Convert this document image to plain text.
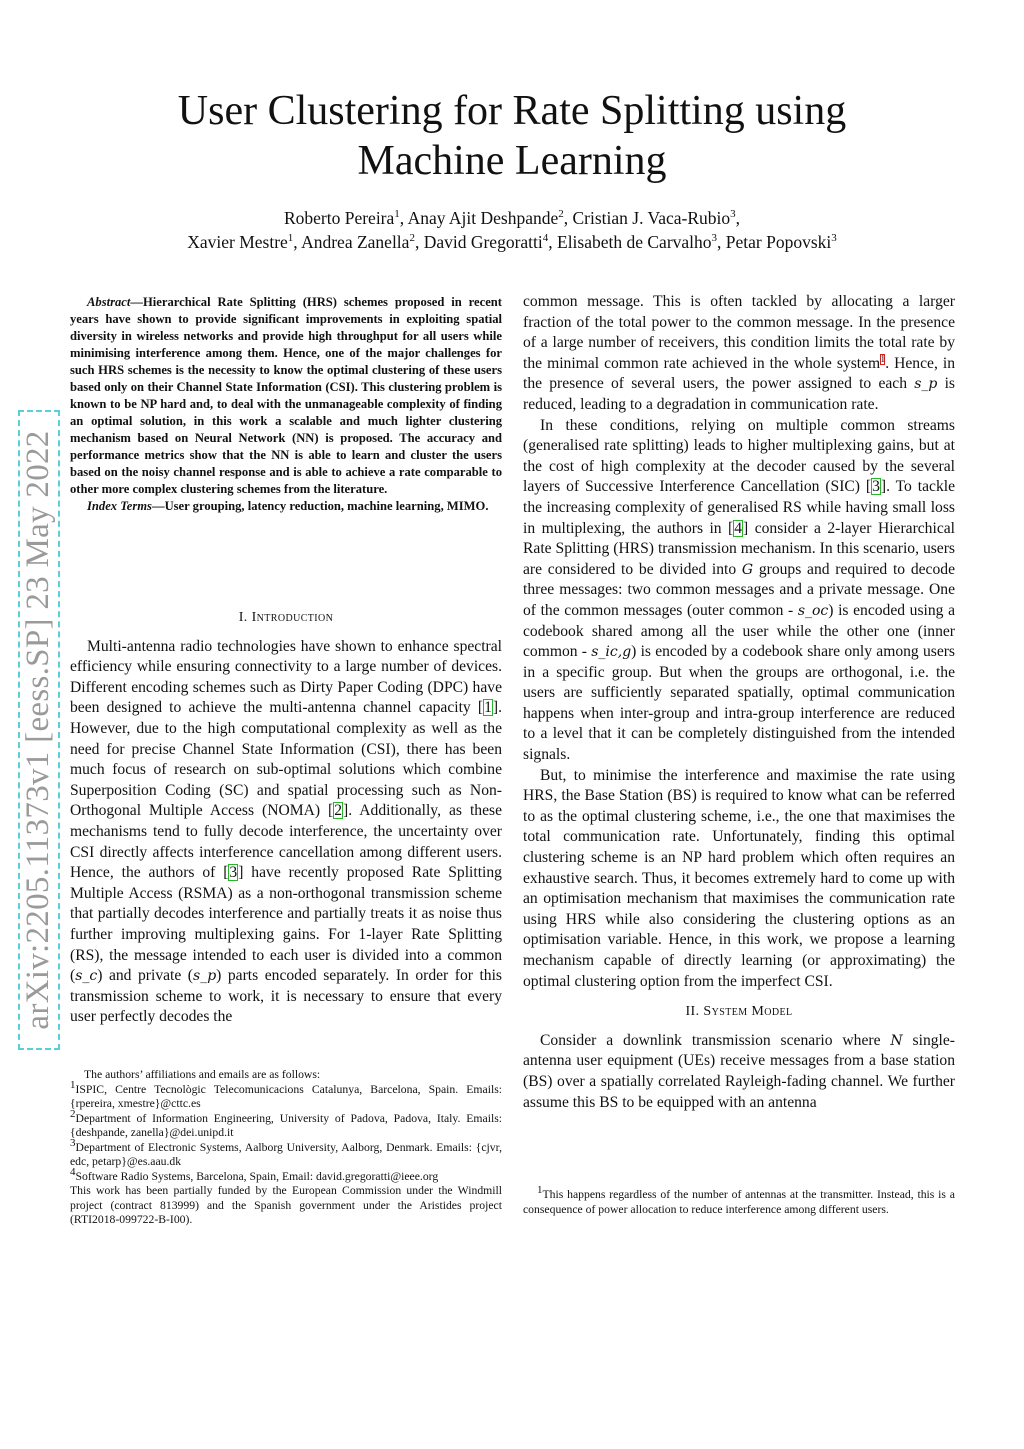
User Clustering for Rate Splitting using Machine Learning
Roberto Pereira$^1$, Anay Ajit Deshpande$^2$, Cristian J. Vaca-Rubio$^3$,
Xavier Mestre$^1$, Andrea Zanella$^2$, David Gregoratti$^4$, Elisabeth de Carvalho$^3$, Petar Popovski$^3$
arXiv:2205.11373v1 [eess.SP] 23 May 2022

Abstract—Hierarchical Rate Splitting (HRS) schemes proposed in recent years have shown to provide significant improvements in exploiting spatial diversity in wireless networks and provide high throughput for all users while minimising interference among them. Hence, one of the major challenges for such HRS schemes is the necessity to know the optimal clustering of these users based only on their Channel State Information (CSI). This clustering problem is known to be NP hard and, to deal with the unmanageable complexity of finding an optimal solution, in this work a scalable and much lighter clustering mechanism based on Neural Network (NN) is proposed. The accuracy and performance metrics show that the NN is able to learn and cluster the users based on the noisy channel response and is able to achieve a rate comparable to other more complex clustering schemes from the literature.

Index Terms—User grouping, latency reduction, machine learning, MIMO.

I. Introduction

Multi-antenna radio technologies have shown to enhance spectral efficiency while ensuring connectivity to a large number of devices. Different encoding schemes such as Dirty Paper Coding (DPC) have been designed to achieve the multi-antenna channel capacity [1]. However, due to the high computational complexity as well as the need for precise Channel State Information (CSI), there has been much focus of research on sub-optimal solutions which combine Superposition Coding (SC) and spatial processing such as Non-Orthogonal Multiple Access (NOMA) [2]. Additionally, as these mechanisms tend to fully decode interference, the uncertainty over CSI directly affects interference cancellation among different users. Hence, the authors of [3] have recently proposed Rate Splitting Multiple Access (RSMA) as a non-orthogonal transmission scheme that partially decodes interference and partially treats it as noise thus further improving multiplexing gains. For 1-layer Rate Splitting (RS), the message intended to each user is divided into a common (s_c) and private (s_p) parts encoded separately. In order for this transmission scheme to work, it is necessary to ensure that every user perfectly decodes the

The authors’ affiliations and emails are as follows:

$^1$ISPIC, Centre Tecnològic Telecomunicacions Catalunya, Barcelona, Spain. Emails: {rpereira, xmestre}@cttc.es

$^2$Department of Information Engineering, University of Padova, Padova, Italy. Emails: {deshpande, zanella}@dei.unipd.it

$^3$Department of Electronic Systems, Aalborg University, Aalborg, Denmark. Emails: {cjvr, edc, petarp}@es.aau.dk

$^4$Software Radio Systems, Barcelona, Spain, Email: david.gregoratti@ieee.org

This work has been partially funded by the European Commission under the Windmill project (contract 813999) and the Spanish government under the Aristides project (RTI2018-099722-B-I00).

common message. This is often tackled by allocating a larger fraction of the total power to the common message. In the presence of a large number of receivers, this condition limits the total rate by the minimal common rate achieved in the whole system$^1$. Hence, in the presence of several users, the power assigned to each s_p is reduced, leading to a degradation in communication rate.

In these conditions, relying on multiple common streams (generalised rate splitting) leads to higher multiplexing gains, but at the cost of high complexity at the decoder caused by the several layers of Successive Interference Cancellation (SIC) [3]. To tackle the increasing complexity of generalised RS while having small loss in multiplexing, the authors in [4] consider a 2-layer Hierarchical Rate Splitting (HRS) transmission mechanism. In this scenario, users are considered to be divided into G groups and required to decode three messages: two common messages and a private message. One of the common messages (outer common - s_oc) is encoded using a codebook shared among all the user while the other one (inner common - s_ic,g) is encoded by a codebook share only among users in a specific group. But when the groups are orthogonal, i.e. the users are sufficiently separated spatially, optimal communication happens when inter-group and intra-group interference are reduced to a level that it can be completely distinguished from the intended signals.

But, to minimise the interference and maximise the rate using HRS, the Base Station (BS) is required to know what can be referred to as the optimal clustering scheme, i.e., the one that maximises the total communication rate. Unfortunately, finding this optimal clustering scheme is an NP hard problem which often requires an exhaustive search. Thus, it becomes extremely hard to come up with an optimisation mechanism that maximises the communication rate using HRS while also considering the clustering options as an optimisation variable. Hence, in this work, we propose a learning mechanism capable of directly learning (or approximating) the optimal clustering option from the imperfect CSI.

II. System Model

Consider a downlink transmission scenario where N single-antenna user equipment (UEs) receive messages from a base station (BS) over a spatially correlated Rayleigh-fading channel. We further assume this BS to be equipped with an antenna

$^1$This happens regardless of the number of antennas at the transmitter. Instead, this is a consequence of power allocation to reduce interference among different users.
